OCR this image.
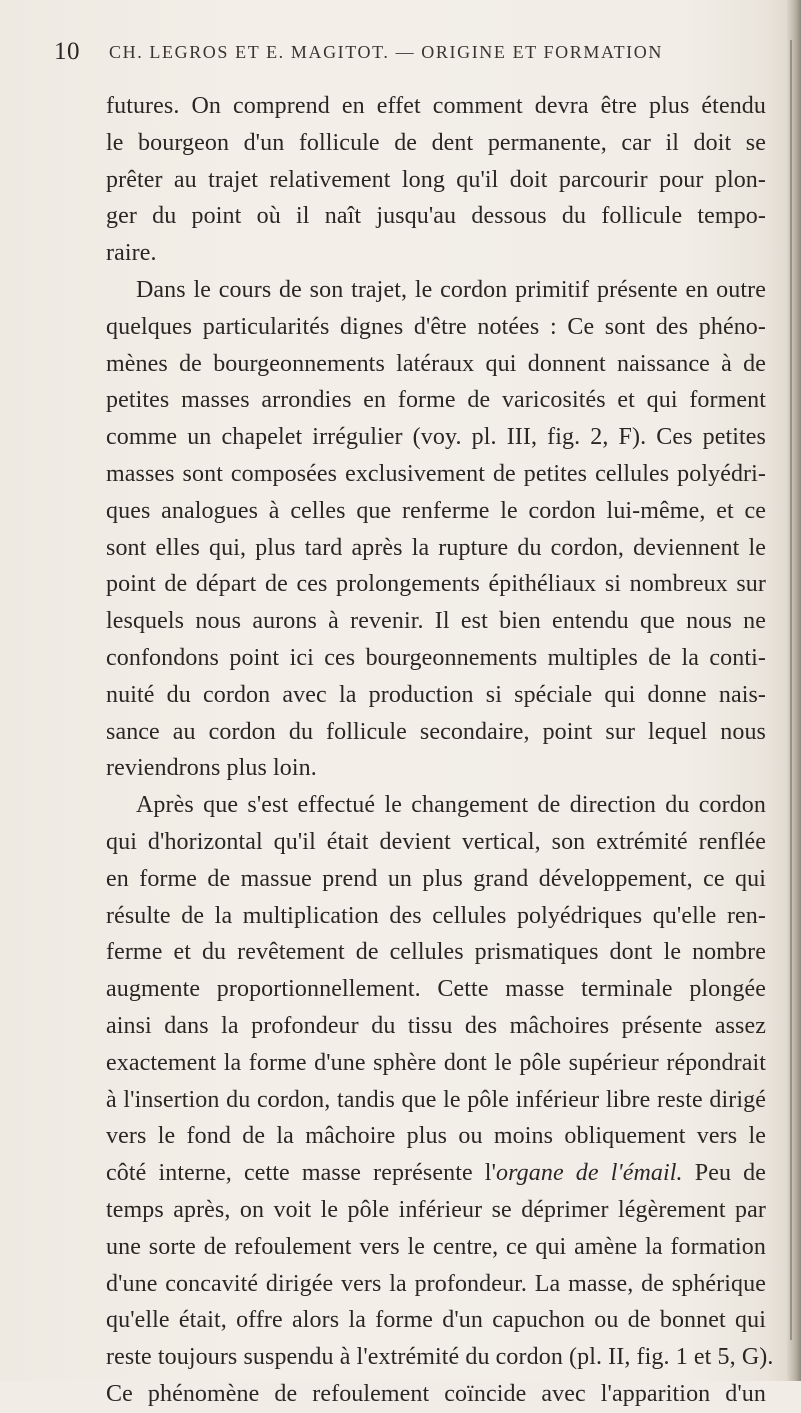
10 CH. LEGROS ET E. MAGITOT. — ORIGINE ET FORMATION
futures. On comprend en effet comment devra être plus étendu
le bourgeon d'un follicule de dent permanente, car il doit se
prêter au trajet relativement long qu'il doit parcourir pour plon-
ger du point où il naît jusqu'au dessous du follicule tempo-
raire.
Dans le cours de son trajet, le cordon primitif présente en outre
quelques particularités dignes d'être notées : Ce sont des phéno-
mènes de bourgeonnements latéraux qui donnent naissance à de
petites masses arrondies en forme de varicosités et qui forment
comme un chapelet irrégulier (voy. pl. III, fig. 2, F). Ces petites
masses sont composées exclusivement de petites cellules polyédri-
ques analogues à celles que renferme le cordon lui-même, et ce
sont elles qui, plus tard après la rupture du cordon, deviennent le
point de départ de ces prolongements épithéliaux si nombreux sur
lesquels nous aurons à revenir. Il est bien entendu que nous ne
confondons point ici ces bourgeonnements multiples de la conti-
nuité du cordon avec la production si spéciale qui donne nais-
sance au cordon du follicule secondaire, point sur lequel nous
reviendrons plus loin.
Après que s'est effectué le changement de direction du cordon
qui d'horizontal qu'il était devient vertical, son extrémité renflée
en forme de massue prend un plus grand développement, ce qui
résulte de la multiplication des cellules polyédriques qu'elle ren-
ferme et du revêtement de cellules prismatiques dont le nombre
augmente proportionnellement. Cette masse terminale plongée
ainsi dans la profondeur du tissu des mâchoires présente assez
exactement la forme d'une sphère dont le pôle supérieur répondrait
à l'insertion du cordon, tandis que le pôle inférieur libre reste dirigé
vers le fond de la mâchoire plus ou moins obliquement vers le
côté interne, cette masse représente l'organe de l'émail. Peu de
temps après, on voit le pôle inférieur se déprimer légèrement par
une sorte de refoulement vers le centre, ce qui amène la formation
d'une concavité dirigée vers la profondeur. La masse, de sphérique
qu'elle était, offre alors la forme d'un capuchon ou de bonnet qui
reste toujours suspendu à l'extrémité du cordon (pl. II, fig. 1 et 5, G).
Ce phénomène de refoulement coïncide avec l'apparition d'un
